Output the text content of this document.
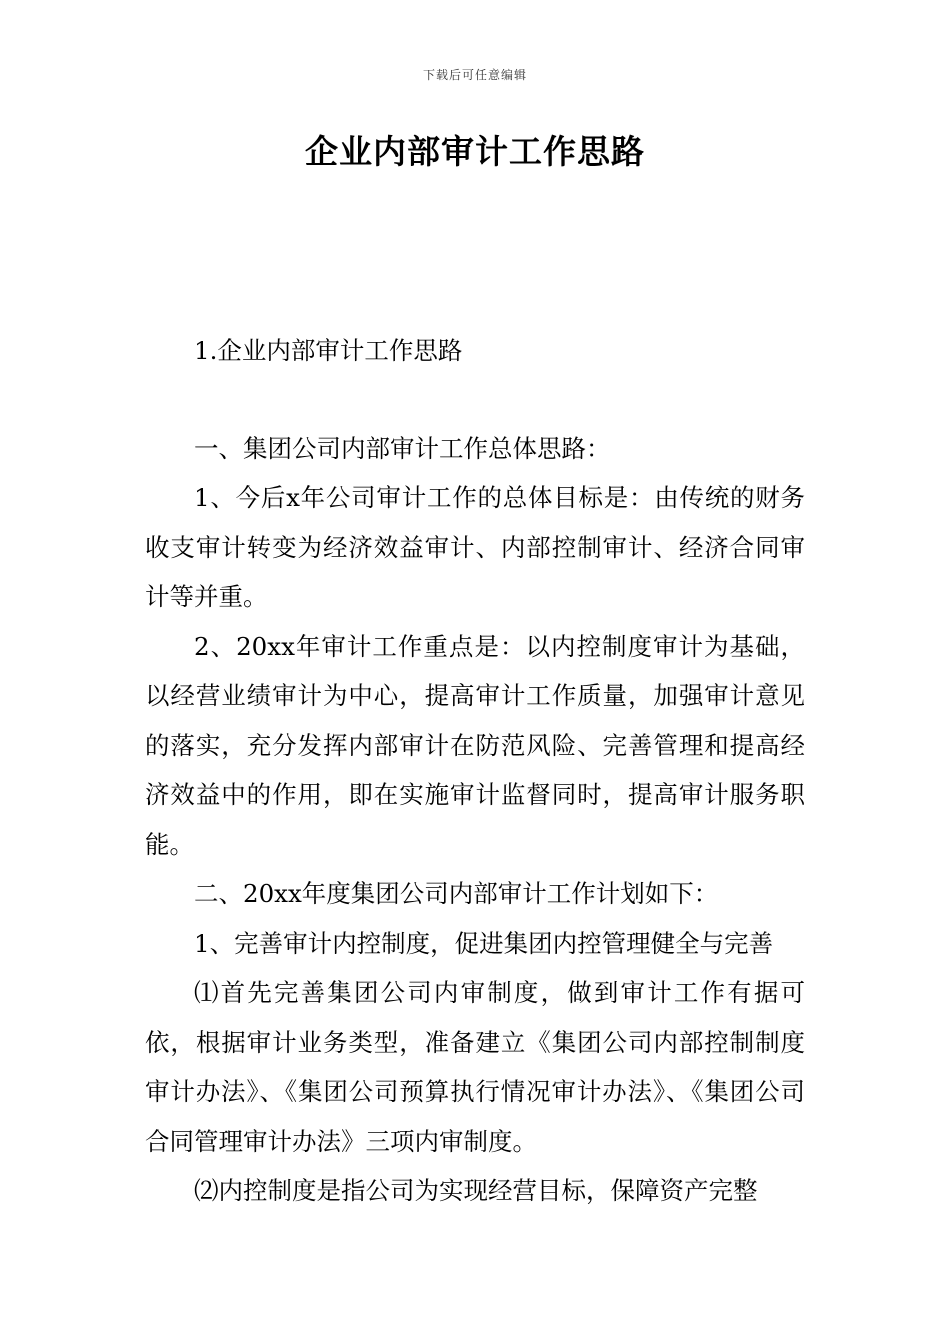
下载后可任意编辑
企业内部审计工作思路

1.企业内部审计工作思路

一、集团公司内部审计工作总体思路：

1、今后x年公司审计工作的总体目标是：由传统的财务收支审计转变为经济效益审计、内部控制审计、经济合同审计等并重。

2、20xx年审计工作重点是：以内控制度审计为基础，以经营业绩审计为中心，提高审计工作质量，加强审计意见的落实，充分发挥内部审计在防范风险、完善管理和提高经济效益中的作用，即在实施审计监督同时，提高审计服务职能。

二、20xx年度集团公司内部审计工作计划如下：

1、完善审计内控制度，促进集团内控管理健全与完善

⑴首先完善集团公司内审制度，做到审计工作有据可依，根据审计业务类型，准备建立《集团公司内部控制制度审计办法》、《集团公司预算执行情况审计办法》、《集团公司合同管理审计办法》三项内审制度。

⑵内控制度是指公司为实现经营目标，保障资产完整
